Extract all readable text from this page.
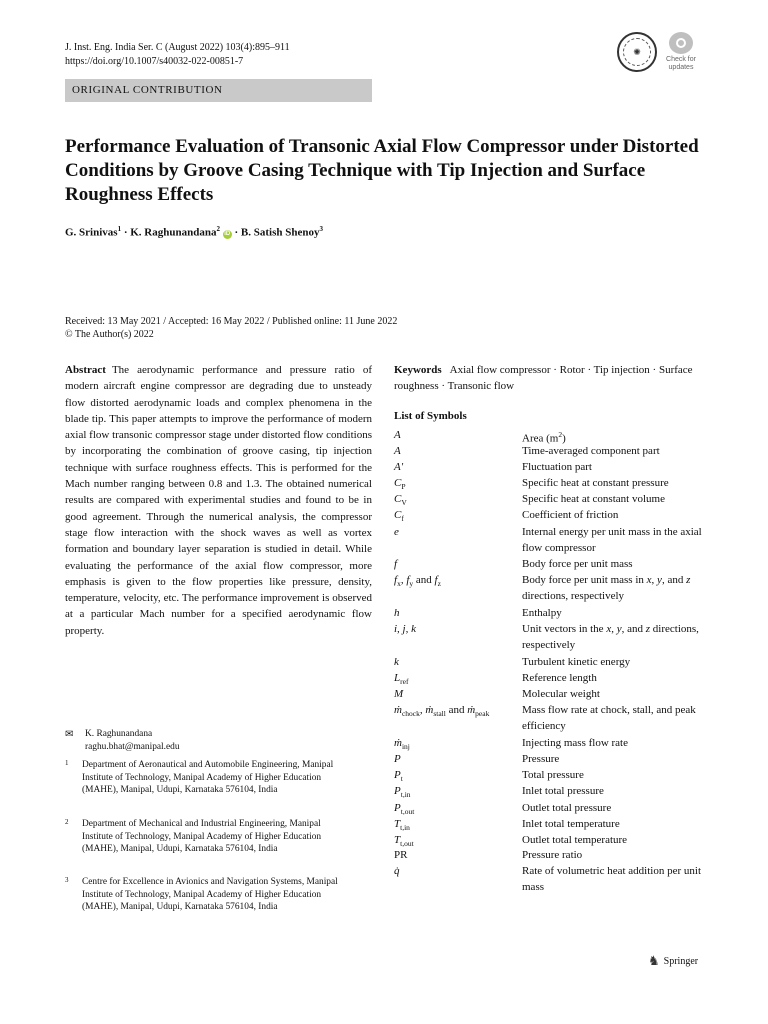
J. Inst. Eng. India Ser. C (August 2022) 103(4):895–911
https://doi.org/10.1007/s40032-022-00851-7
✺
Check for
updates
ORIGINAL CONTRIBUTION
Performance Evaluation of Transonic Axial Flow Compressor under Distorted Conditions by Groove Casing Technique with Tip Injection and Surface Roughness Effects
G. Srinivas$^1$ · K. Raghunandana$^2$ iD · B. Satish Shenoy$^3$
Received: 13 May 2021 / Accepted: 16 May 2022 / Published online: 11 June 2022
© The Author(s) 2022
Abstract The aerodynamic performance and pressure ratio of modern aircraft engine compressor are degrading due to unsteady flow distorted aerodynamic loads and complex phenomena in the blade tip. This paper attempts to improve the performance of modern axial flow transonic compressor stage under distorted flow conditions by incorporating the combination of groove casing, tip injection technique with surface roughness effects. This is performed for the Mach number ranging between 0.8 and 1.3. The obtained numerical results are compared with experimental studies and found to be in good agreement. Through the numerical analysis, the compressor stage flow interaction with the shock waves as well as vortex formation and boundary layer separation is studied in detail. While evaluating the performance of the axial flow compressor, more emphasis is given to the flow properties like pressure, density, temperature, velocity, etc. The performance improvement is observed at a particular Mach number for a specified aerodynamic flow property.
✉ K. Raghunandana
raghu.bhat@manipal.edu
1 Department of Aeronautical and Automobile Engineering, Manipal Institute of Technology, Manipal Academy of Higher Education (MAHE), Manipal, Udupi, Karnataka 576104, India
2 Department of Mechanical and Industrial Engineering, Manipal Institute of Technology, Manipal Academy of Higher Education (MAHE), Manipal, Udupi, Karnataka 576104, India
3 Centre for Excellence in Avionics and Navigation Systems, Manipal Institute of Technology, Manipal Academy of Higher Education (MAHE), Manipal, Udupi, Karnataka 576104, India
Keywords Axial flow compressor · Rotor · Tip injection · Surface roughness · Transonic flow
List of Symbols
A	Area $(m^2)$
A	Time-averaged component part
A′	Fluctuation part
$C_P$	Specific heat at constant pressure
$C_V$	Specific heat at constant volume
$C_f$	Coefficient of friction
e	Internal energy per unit mass in the axial flow compressor
f	Body force per unit mass
$f_x$, $f_y$ and $f_z$	Body force per unit mass in x, y, and z directions, respectively
h	Enthalpy
i, j, k	Unit vectors in the x, y, and z directions, respectively
k	Turbulent kinetic energy
$L_{ref}$	Reference length
M	Molecular weight
ṁ$_{chock}$, ṁ$_{stall}$ and ṁ$_{peak}$	Mass flow rate at chock, stall, and peak efficiency
ṁ$_{inj}$	Injecting mass flow rate
P	Pressure
$P_t$	Total pressure
$P_{t,in}$	Inlet total pressure
$P_{t,out}$	Outlet total pressure
$T_{t,in}$	Inlet total temperature
$T_{t,out}$	Outlet total temperature
PR	Pressure ratio
q̇	Rate of volumetric heat addition per unit mass
♞ Springer
